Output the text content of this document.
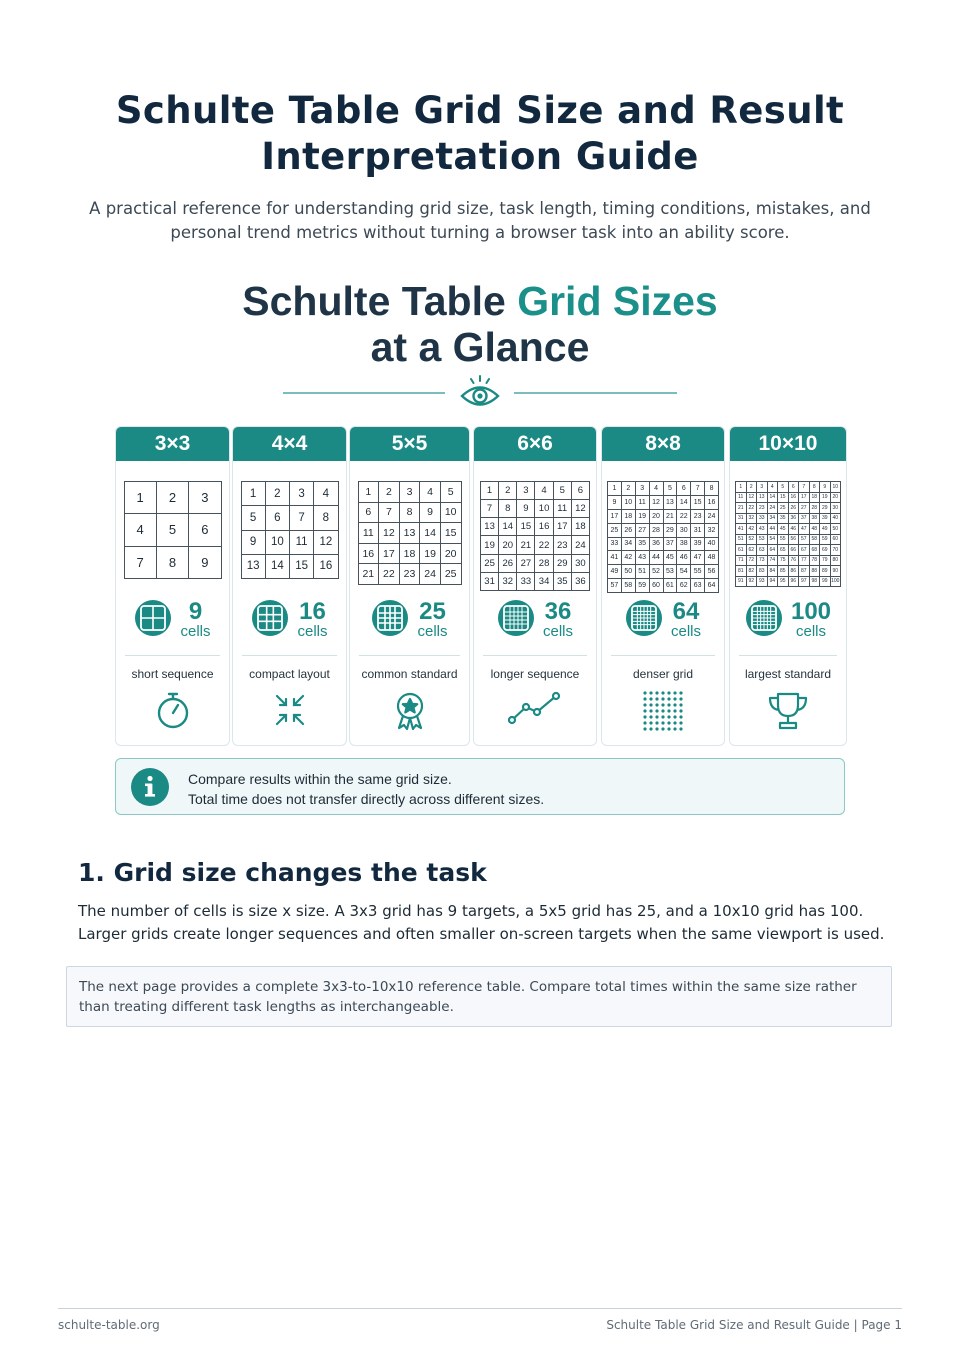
Schulte Table Grid Size and Result Interpretation Guide

A practical reference for understanding grid size, task length, timing conditions, mistakes, and personal trend metrics without turning a browser task into an ability score.

Schulte Table Grid Sizes
at a Glance
3×3
1	2	3
4	5	6
7	8	9
9
cells
short sequence
4×4
1	2	3	4
5	6	7	8
9	10	11	12
13 14 15 16
16
cells
compact layout
5×5
1	2	3	4	5
6	7	8	9	10
11 12 13 14 15
16 17 18 19 20
21 22 23 24 25
25
cells
common standard
6×6
1	2	3	4	5	6
7	8	9	10 11 12
13 14 15 16 17 18
19 20 21 22 23 24
25 26 27 28 29 30
31 32 33 34 35 36
36
cells
longer sequence
8×8
1	2	3	4	5	6	7	8
9	10 11 12 13 14 15 16
17 18 19 20 21 22 23 24
25 26 27 28 29 30 31 32
33 34 35 36 37 38 39 40
41 42 43 44 45 46 47 48
49 50 51 52 53 54 55 56
57 58 59 60 61 62 63 64
64
cells
denser grid
10×10
1	2	3	4	5	6	7	8	9	10
11	12 13 14 15 16 17 18 19 20
21 22 23 24 25 26 27 28 29 30
31 32 33 34 35 36 37 38 39 40
41 42 43 44 45 46 47 48 49 50
51 52 53 54 55 56 57 58 59 60
61 62 63 64 65 66 67 68 69 70
71 72 73 74 75 76 77 78 79 80
81 82 83 84 85 86 87 88 89 90
91 92 93 94 95 96 97 98 99 100
100
cells
largest standard
Compare results within the same grid size.
Total time does not transfer directly across different sizes.
1. Grid size changes the task

The number of cells is size x size. A 3x3 grid has 9 targets, a 5x5 grid has 25, and a 10x10 grid has 100. Larger grids create longer sequences and often smaller on-screen targets when the same viewport is used.

The next page provides a complete 3x3-to-10x10 reference table. Compare total times within the same size rather than treating different task lengths as interchangeable.

schulte-table.org	Schulte Table Grid Size and Result Guide | Page 1
